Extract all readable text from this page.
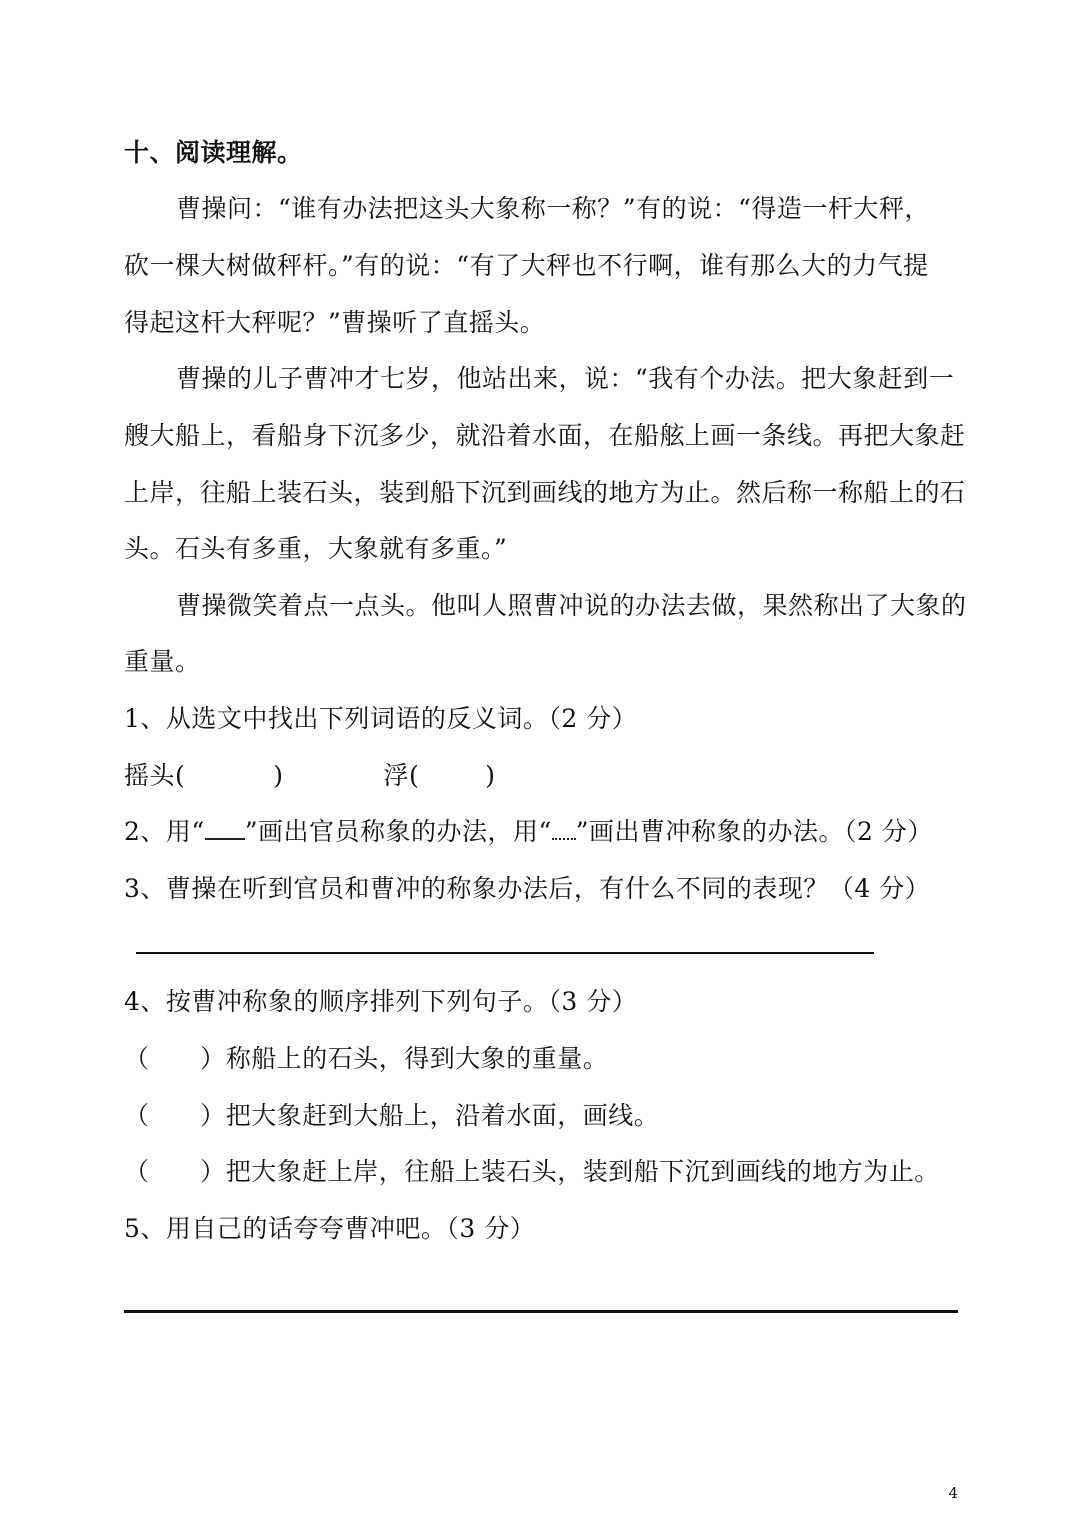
十、阅读理解。
曹操问：“谁有办法把这头大象称一称？”有的说：“得造一杆大秤，
砍一棵大树做秤杆。”有的说：“有了大秤也不行啊，谁有那么大的力气提
得起这杆大秤呢？”曹操听了直摇头。
曹操的儿子曹冲才七岁，他站出来，说：“我有个办法。把大象赶到一
艘大船上，看船身下沉多少，就沿着水面，在船舷上画一条线。再把大象赶
上岸，往船上装石头，装到船下沉到画线的地方为止。然后称一称船上的石
头。石头有多重，大象就有多重。”
曹操微笑着点一点头。他叫人照曹冲说的办法去做，果然称出了大象的
重量。
1、从选文中找出下列词语的反义词。（2 分）
摇头(	)	浮(	)
2、用“ ”画出官员称象的办法，用“ ”画出曹冲称象的办法。（2 分）
3、曹操在听到官员和曹冲的称象办法后，有什么不同的表现？（4 分）
4、按曹冲称象的顺序排列下列句子。（3 分）
（      ）称船上的石头，得到大象的重量。
（      ）把大象赶到大船上，沿着水面，画线。
（      ）把大象赶上岸，往船上装石头，装到船下沉到画线的地方为止。
5、用自己的话夸夸曹冲吧。（3 分）
4
